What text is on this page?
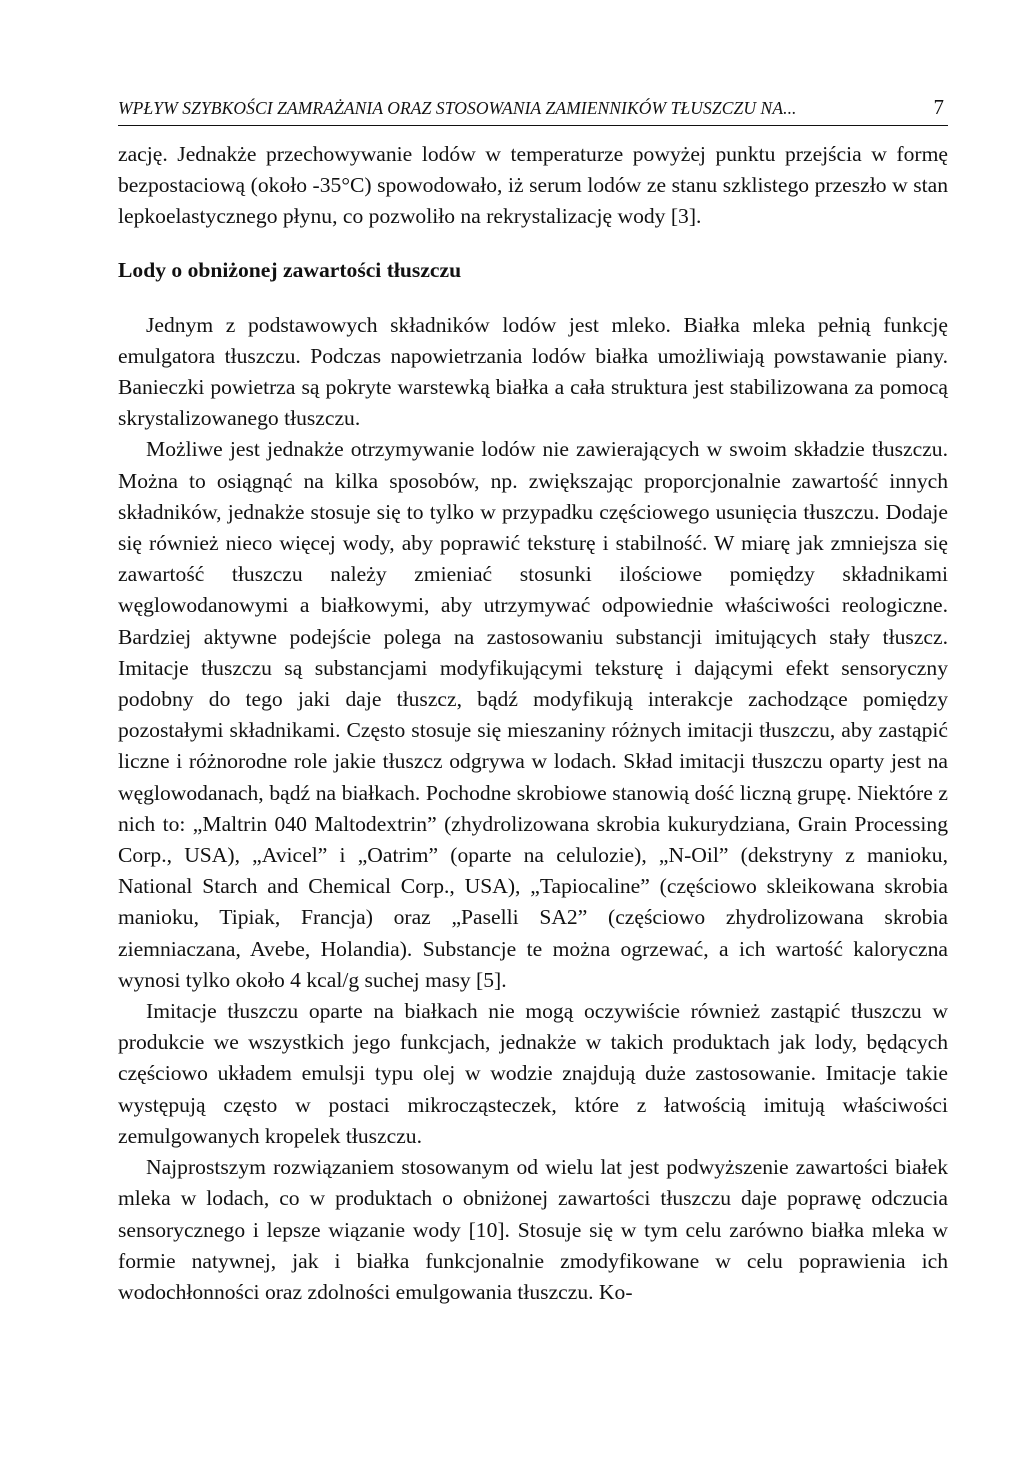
WPŁYW SZYBKOŚCI ZAMRAŻANIA ORAZ STOSOWANIA ZAMIENNIKÓW TŁUSZCZU NA...	7

zację. Jednakże przechowywanie lodów w temperaturze powyżej punktu przejścia w formę bezpostaciową (około -35°C) spowodowało, iż serum lodów ze stanu szklistego przeszło w stan lepkoelastycznego płynu, co pozwoliło na rekrystalizację wody [3].

Lody o obniżonej zawartości tłuszczu

Jednym z podstawowych składników lodów jest mleko. Białka mleka pełnią funkcję emulgatora tłuszczu. Podczas napowietrzania lodów białka umożliwiają powstawanie piany. Banieczki powietrza są pokryte warstewką białka a cała struktura jest stabilizowana za pomocą skrystalizowanego tłuszczu.

Możliwe jest jednakże otrzymywanie lodów nie zawierających w swoim składzie tłuszczu. Można to osiągnąć na kilka sposobów, np. zwiększając proporcjonalnie zawartość innych składników, jednakże stosuje się to tylko w przypadku częściowego usunięcia tłuszczu. Dodaje się również nieco więcej wody, aby poprawić teksturę i stabilność. W miarę jak zmniejsza się zawartość tłuszczu należy zmieniać stosunki ilościowe pomiędzy składnikami węglowodanowymi a białkowymi, aby utrzymywać odpowiednie właściwości reologiczne. Bardziej aktywne podejście polega na zastosowaniu substancji imitujących stały tłuszcz. Imitacje tłuszczu są substancjami modyfikującymi teksturę i dającymi efekt sensoryczny podobny do tego jaki daje tłuszcz, bądź modyfikują interakcje zachodzące pomiędzy pozostałymi składnikami. Często stosuje się mieszaniny różnych imitacji tłuszczu, aby zastąpić liczne i różnorodne role jakie tłuszcz odgrywa w lodach. Skład imitacji tłuszczu oparty jest na węglowodanach, bądź na białkach. Pochodne skrobiowe stanowią dość liczną grupę. Niektóre z nich to: „Maltrin 040 Maltodextrin” (zhydrolizowana skrobia kukurydziana, Grain Processing Corp., USA), „Avicel” i „Oatrim” (oparte na celulozie), „N-Oil” (dekstryny z manioku, National Starch and Chemical Corp., USA), „Tapiocaline” (częściowo skleikowana skrobia manioku, Tipiak, Francja) oraz „Paselli SA2” (częściowo zhydrolizowana skrobia ziemniaczana, Avebe, Holandia). Substancje te można ogrzewać, a ich wartość kaloryczna wynosi tylko około 4 kcal/g suchej masy [5].

Imitacje tłuszczu oparte na białkach nie mogą oczywiście również zastąpić tłuszczu w produkcie we wszystkich jego funkcjach, jednakże w takich produktach jak lody, będących częściowo układem emulsji typu olej w wodzie znajdują duże zastosowanie. Imitacje takie występują często w postaci mikrocząsteczek, które z łatwością imitują właściwości zemulgowanych kropelek tłuszczu.

Najprostszym rozwiązaniem stosowanym od wielu lat jest podwyższenie zawartości białek mleka w lodach, co w produktach o obniżonej zawartości tłuszczu daje poprawę odczucia sensorycznego i lepsze wiązanie wody [10]. Stosuje się w tym celu zarówno białka mleka w formie natywnej, jak i białka funkcjonalnie zmodyfikowane w celu poprawienia ich wodochłonności oraz zdolności emulgowania tłuszczu. Ko-
